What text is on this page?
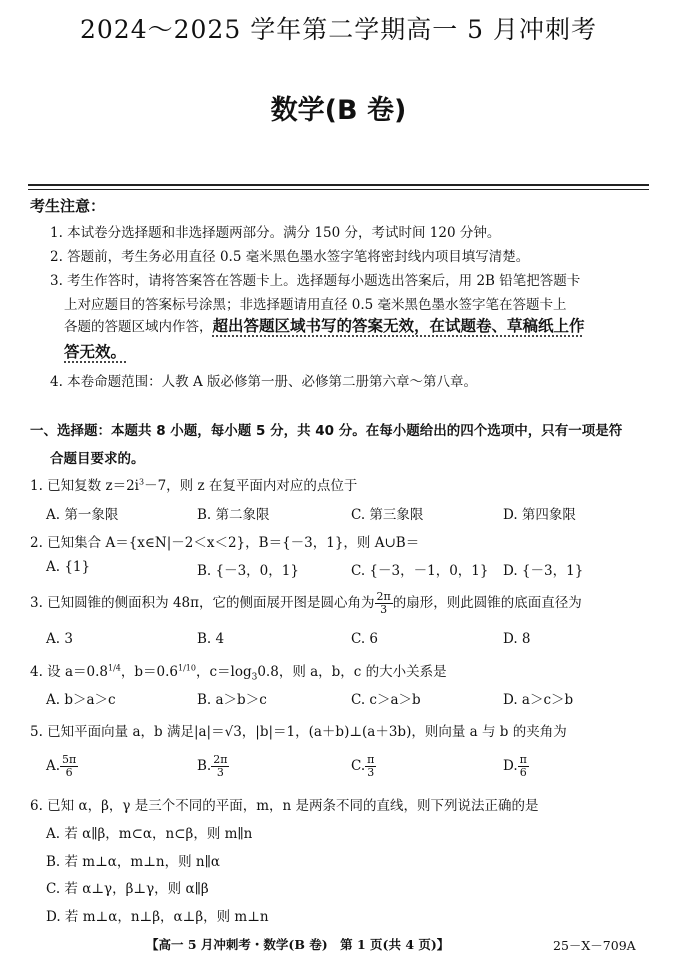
2024～2025 学年第二学期高一 5 月冲刺考
数学(B 卷)
考生注意：
1. 本试卷分选择题和非选择题两部分。满分 150 分，考试时间 120 分钟。
2. 答题前，考生务必用直径 0.5 毫米黑色墨水签字笔将密封线内项目填写清楚。
3. 考生作答时，请将答案答在答题卡上。选择题每小题选出答案后，用 2B 铅笔把答题卡
上对应题目的答案标号涂黑；非选择题请用直径 0.5 毫米黑色墨水签字笔在答题卡上
各题的答题区域内作答，超出答题区域书写的答案无效，在试题卷、草稿纸上作
答无效。
4. 本卷命题范围：人教 A 版必修第一册、必修第二册第六章～第八章。
一、选择题：本题共 8 小题，每小题 5 分，共 40 分。在每小题给出的四个选项中，只有一项是符
合题目要求的。
1. 已知复数 $z=2i^3-7$，则 z 在复平面内对应的点位于
A. 第一象限	B. 第二象限	C. 第三象限	D. 第四象限
2. 已知集合 A＝{x∈N|－2＜x＜2}，B＝{－3，1}，则 A∪B＝
A. {1}	B. {－3，0，1}	C. {－3，－1，0，1} D. {－3，1}
3. 已知圆锥的侧面积为 48π，它的侧面展开图是圆心角为 $\frac{2\pi}{3}$ 的扇形，则此圆锥的底面直径为
A. 3	B. 4	C. 6	D. 8
4. 设 $a=0.8^{1/4}$，$b=0.6^{1/10}$，$c=\log_30.8$，则 a，b，c 的大小关系是
A. b＞a＞c	B. a＞b＞c	C. c＞a＞b	D. a＞c＞b
5. 已知平面向量 a，b 满足|a|＝√3，|b|＝1，(a＋b)⊥(a＋3b)，则向量 a 与 b 的夹角为
A. $\frac{5\pi}{6}$	B. $\frac{2\pi}{3}$	C. $\frac{\pi}{3}$	D. $\frac{\pi}{6}$
6. 已知 α，β，γ 是三个不同的平面，m，n 是两条不同的直线，则下列说法正确的是
A. 若 α∥β，m⊂α，n⊂β，则 m∥n
B. 若 m⊥α，m⊥n，则 n∥α
C. 若 α⊥γ，β⊥γ，则 α∥β
D. 若 m⊥α，n⊥β，α⊥β，则 m⊥n
【高一 5 月冲刺考・数学(B 卷)　第 1 页(共 4 页)】	25－X－709A
